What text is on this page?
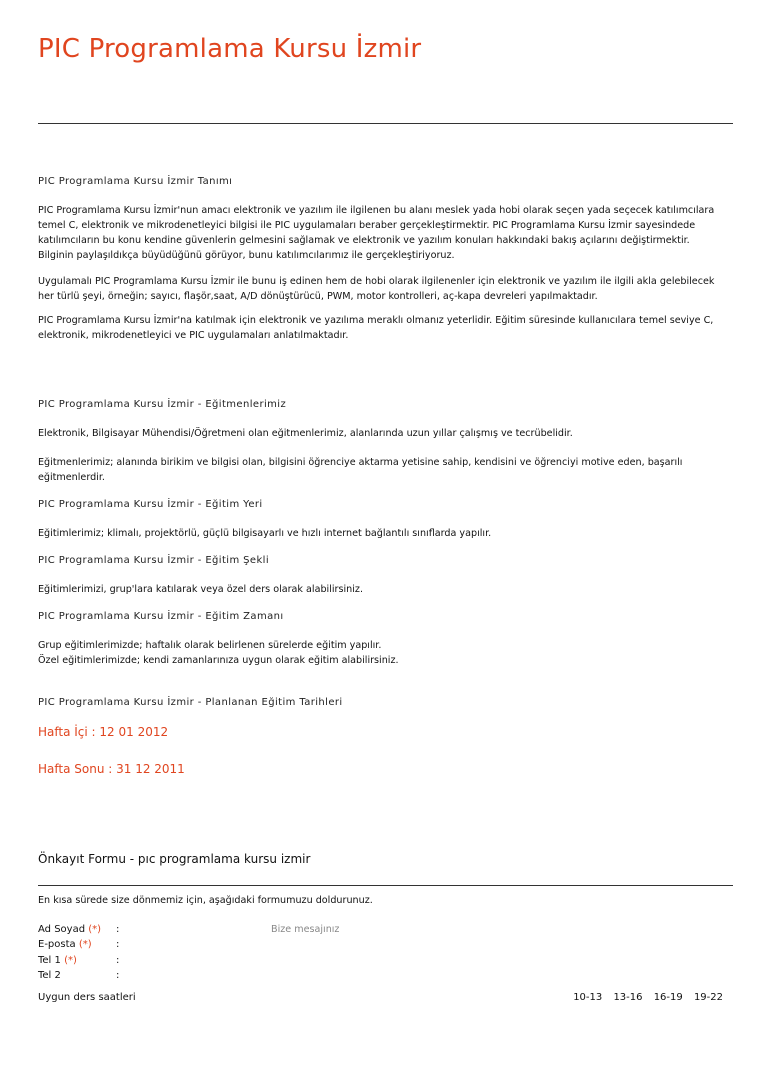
PIC Programlama Kursu İzmir
PIC Programlama Kursu İzmir Tanımı
PIC Programlama Kursu İzmir'nun amacı elektronik ve yazılım ile ilgilenen bu alanı meslek yada hobi olarak seçen yada seçecek katılımcılara
temel C, elektronik ve mikrodenetleyici bilgisi ile PIC uygulamaları beraber gerçekleştirmektir. PIC Programlama Kursu İzmir sayesindede
katılımcıların bu konu kendine güvenlerin gelmesini sağlamak ve elektronik ve yazılım konuları hakkındaki bakış açılarını değiştirmektir.
Bilginin paylaşıldıkça büyüdüğünü görüyor, bunu katılımcılarımız ile gerçekleştiriyoruz.
Uygulamalı PIC Programlama Kursu İzmir ile bunu iş edinen hem de hobi olarak ilgilenenler için elektronik ve yazılım ile ilgili akla gelebilecek
her türlü şeyi, örneğin; sayıcı, flaşör,saat, A/D dönüştürücü, PWM, motor kontrolleri, aç-kapa devreleri yapılmaktadır.
PIC Programlama Kursu İzmir'na katılmak için elektronik ve yazılıma meraklı olmanız yeterlidir. Eğitim süresinde kullanıcılara temel seviye C,
elektronik, mikrodenetleyici ve PIC uygulamaları anlatılmaktadır.
PIC Programlama Kursu İzmir - Eğitmenlerimiz
Elektronik, Bilgisayar Mühendisi/Öğretmeni olan eğitmenlerimiz, alanlarında uzun yıllar çalışmış ve tecrübelidir.
Eğitmenlerimiz; alanında birikim ve bilgisi olan, bilgisini öğrenciye aktarma yetisine sahip, kendisini ve öğrenciyi motive eden, başarılı
eğitmenlerdir.
PIC Programlama Kursu İzmir - Eğitim Yeri
Eğitimlerimiz; klimalı, projektörlü, güçlü bilgisayarlı ve hızlı internet bağlantılı sınıflarda yapılır.
PIC Programlama Kursu İzmir - Eğitim Şekli
Eğitimlerimizi, grup'lara katılarak veya özel ders olarak alabilirsiniz.
PIC Programlama Kursu İzmir - Eğitim Zamanı
Grup eğitimlerimizde; haftalık olarak belirlenen sürelerde eğitim yapılır.
Özel eğitimlerimizde; kendi zamanlarınıza uygun olarak eğitim alabilirsiniz.
PIC Programlama Kursu İzmir - Planlanan Eğitim Tarihleri
Hafta İçi : 12 01 2012
Hafta Sonu : 31 12 2011
Önkayıt Formu - pıc programlama kursu izmir
En kısa sürede size dönmemiz için, aşağıdaki formumuzu doldurunuz.
Ad Soyad (*) :
E-posta (*) :
Tel 1 (*)	:
Tel 2	:
Bize mesajınız
Uygun ders saatleri	10-13 13-16 16-19 19-22
